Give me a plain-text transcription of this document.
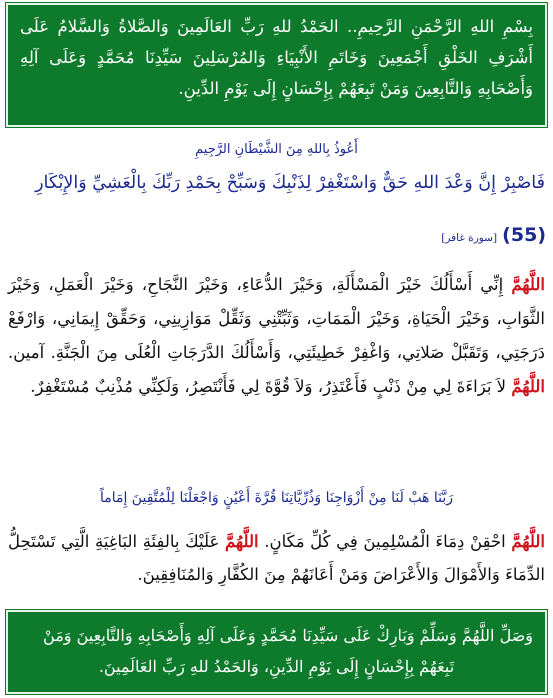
بِسْمِ اللهِ الرَّحْمَنِ الرَّحِيمِ.. الحَمْدُ للهِ رَبِّ العَالَمِينَ وَالصَّلاةُ وَالسَّلامُ عَلَى أَشْرَفِ الخَلْقِ أَجْمَعِينَ وَخَاتَمِ الأَنْبِيَاءِ وَالمُرْسَلِينَ سَيِّدِنَا مُحَمَّدٍ وَعَلَى آلِهِ وَأَصْحَابِهِ وَالتَّابِعِينَ وَمَنْ تَبِعَهُمْ بِإِحْسَانٍ إِلَى يَوْمِ الدِّينِ.
أَعُوذُ بِاللهِ مِنَ الشَّيْطَانِ الرَّجِيمِ
فَاصْبِرْ إِنَّ وَعْدَ اللهِ حَقٌّ وَاسْتَغْفِرْ لِذَنْبِكَ وَسَبِّحْ بِحَمْدِ رَبِّكَ بِالْعَشِيِّ وَالإِبْكَارِ
(55) [سورة غافر]
اللَّهُمَّ إِنِّي أَسْأَلُكَ خَيْرَ الْمَسْأَلَةِ، وَخَيْرَ الدُّعَاءِ، وَخَيْرَ النَّجَاحِ، وَخَيْرَ الْعَمَلِ، وَخَيْرَ الثَّوَابِ، وَخَيْرَ الْحَيَاةِ، وَخَيْرَ الْمَمَاتِ، وَثَبِّتْنِي وَثَقِّلْ مَوَازِينِي، وَحَقِّقْ إِيمَانِي، وَارْفَعْ دَرَجَتِي، وَتَقَبَّلْ صَلاتِي، وَاغْفِرْ خَطِيئَتِي، وَأَسْأَلُكَ الدَّرَجَاتِ الْعُلَى مِنَ الْجَنَّةِ. آمين. اللَّهُمَّ لاَ بَرَاءَةَ لِي مِنْ ذَنْبٍ فَأَعْتَذِرُ، وَلاَ قُوَّةَ لِي فَأَنْتَصِرُ، وَلَكِنِّي مُذْنِبٌ مُسْتَغْفِرٌ.
رَبَّنَا هَبْ لَنَا مِنْ أَزْوَاجِنَا وَذُرِّيَّاتِنَا قُرَّةَ أَعْيُنٍ وَاجْعَلْنَا لِلْمُتَّقِينَ إِمَاماً
اللَّهُمَّ احْقِنْ دِمَاءَ الْمُسْلِمِينَ فِي كُلِّ مَكَانٍ. اللَّهُمَّ عَلَيْكَ بِالفِئَةِ البَاغِيَةِ الَّتِي تَسْتَحِلُّ الدِّمَاءَ وَالأَمْوَالَ وَالأَعْرَاضَ وَمَنْ أَعَانَهُمْ مِنَ الكُفَّارِ وَالمُنَافِقِينَ.
وَصَلِّ اللَّهُمَّ وَسَلِّمْ وَبَارِكْ عَلَى سَيِّدِنَا مُحَمَّدٍ وَعَلَى آلِهِ وَأَصْحَابِهِ وَالتَّابِعِينَ وَمَنْ
تَبِعَهُمْ بِإِحْسَانٍ إِلَى يَوْمِ الدِّينِ، وَالحَمْدُ للهِ رَبِّ العَالَمِينَ.
